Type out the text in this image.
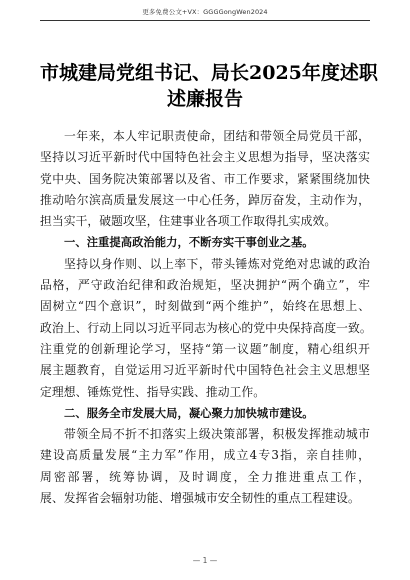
更多免费公文+VX：GGGGongWen2024
市城建局党组书记、局长2025年度述职
述廉报告
一年来，本人牢记职责使命，团结和带领全局党员干部，
坚持以习近平新时代中国特色社会主义思想为指导，坚决落实
党中央、国务院决策部署以及省、市工作要求，紧紧围绕加快
推动哈尔滨高质量发展这一中心任务，踔厉奋发，主动作为，
担当实干，破题攻坚，住建事业各项工作取得扎实成效。
一、注重提高政治能力，不断夯实干事创业之基。
坚持以身作则、以上率下，带头锤炼对党绝对忠诚的政治
品格，严守政治纪律和政治规矩，坚决拥护“两个确立”，牢
固树立“四个意识”，时刻做到“两个维护”，始终在思想上、
政治上、行动上同以习近平同志为核心的党中央保持高度一致。
注重党的创新理论学习，坚持“第一议题”制度，精心组织开
展主题教育，自觉运用习近平新时代中国特色社会主义思想坚
定理想、锤炼党性、指导实践、推动工作。
二、服务全市发展大局，凝心聚力加快城市建设。
带领全局不折不扣落实上级决策部署，积极发挥推动城市
建设高质量发展“主力军”作用，成立4专3指，亲自挂帅，
周密部署，统筹协调，及时调度，全力推进重点工作，
展、发挥省会辐射功能、增强城市安全韧性的重点工程建设。
— 1 —
